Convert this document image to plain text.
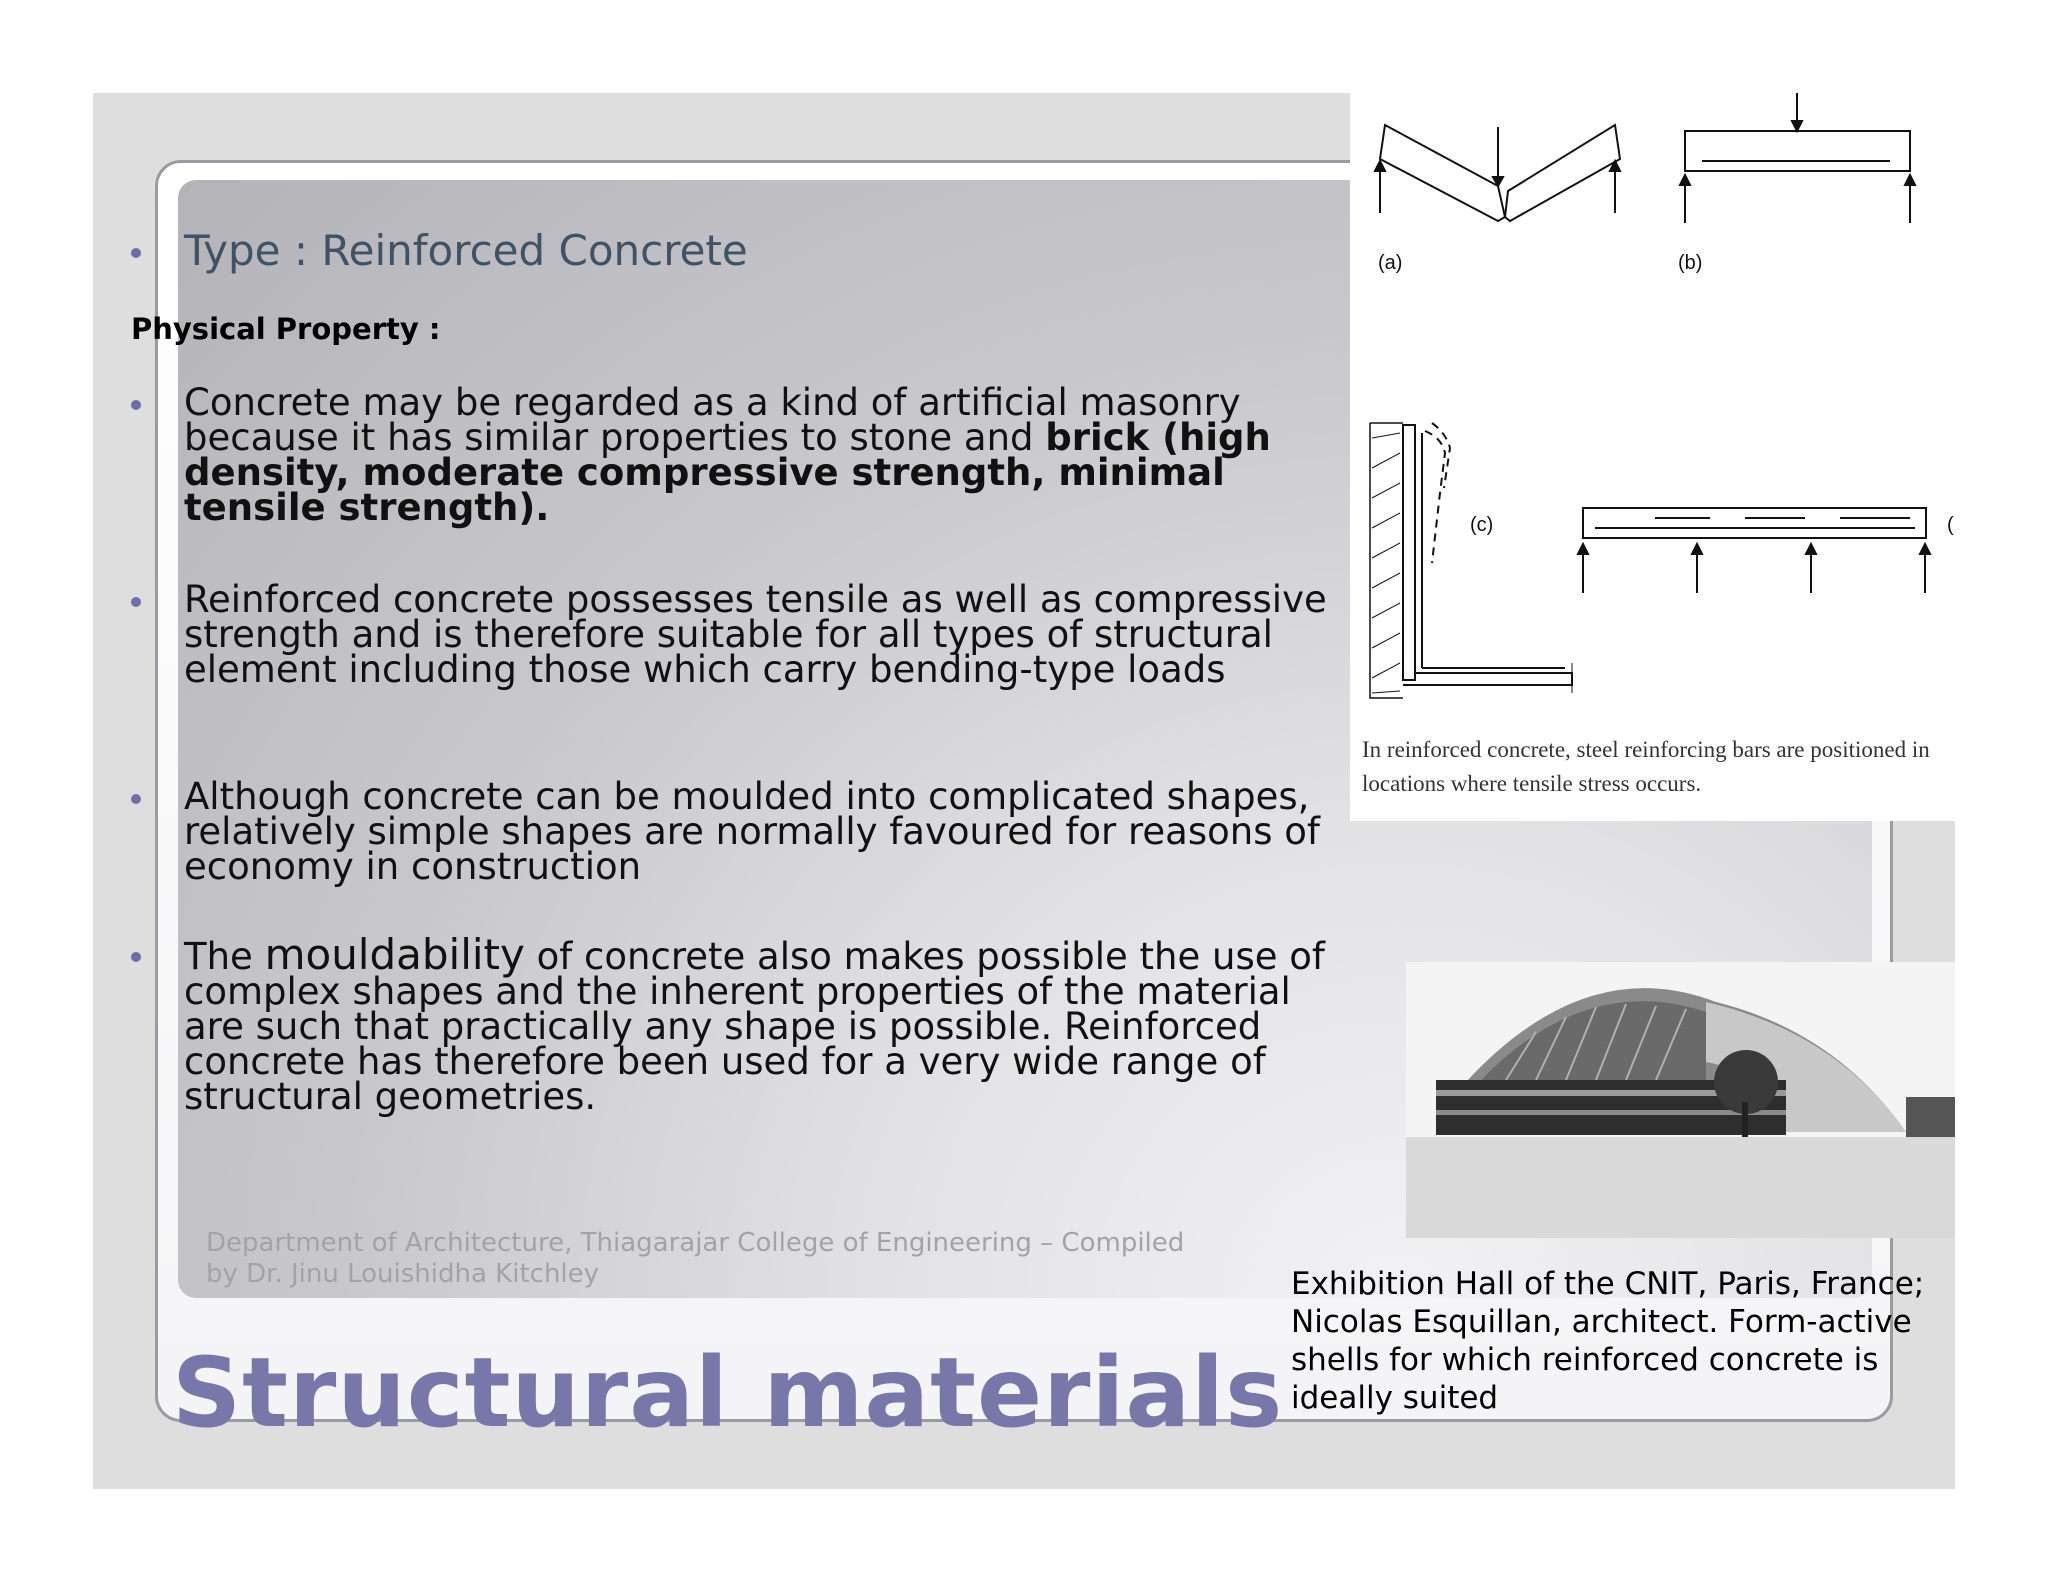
Type : Reinforced Concrete
Physical Property :
Concrete may be regarded as a kind of artificial masonry because it has similar properties to stone and brick (high density, moderate compressive strength, minimal tensile strength).
Reinforced concrete possesses tensile as well as compressive strength and is therefore suitable for all types of structural element including those which carry bending-type loads
Although concrete can be moulded into complicated shapes, relatively simple shapes are normally favoured for reasons of economy in construction
The mouldability of concrete also makes possible the use of complex shapes and the inherent properties of the material are such that practically any shape is possible. Reinforced concrete has therefore been used for a very wide range of structural geometries.
Department of Architecture, Thiagarajar College of Engineering – Compiled by Dr. Jinu Louishidha Kitchley
Structural materials
(a)	(b)
(c)	(
In reinforced concrete, steel reinforcing bars are positioned in locations where tensile stress occurs.
Exhibition Hall of the CNIT, Paris, France; Nicolas Esquillan, architect. Form-active shells for which reinforced concrete is ideally suited
